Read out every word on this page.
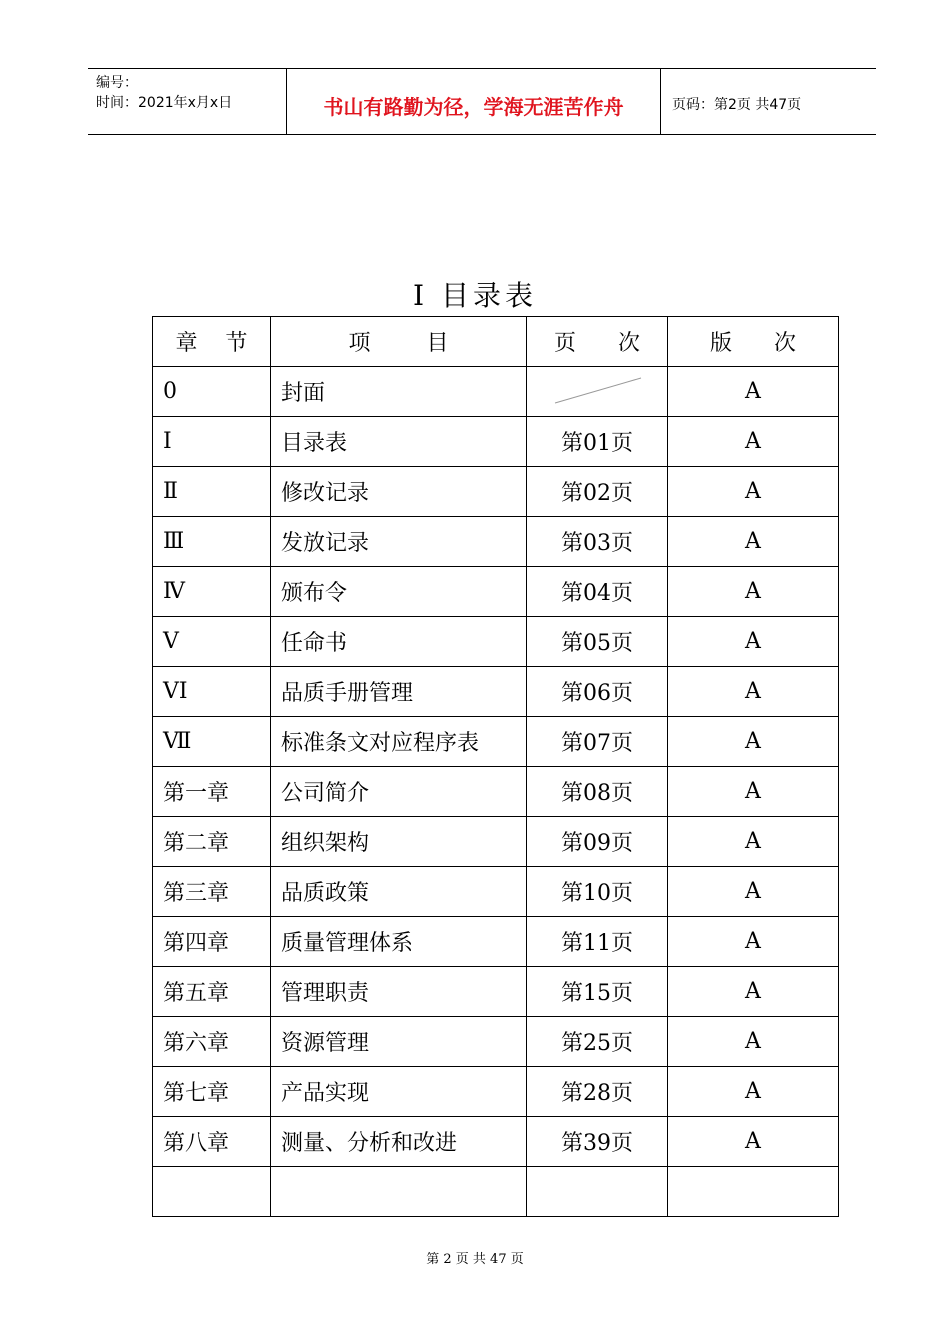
编号：
时间：2021年x月x日	书山有路勤为径，学海无涯苦作舟	页码：第2页 共47页
I 目录表
章    节	项        目	页      次	版      次
0	封面		A
Ⅰ	目录表	第01页	A
Ⅱ	修改记录	第02页	A
Ⅲ	发放记录	第03页	A
Ⅳ	颁布令	第04页	A
Ⅴ	任命书	第05页	A
VI	品质手册管理	第06页	A
Ⅶ	标准条文对应程序表	第07页	A
第一章	公司简介	第08页	A
第二章	组织架构	第09页	A
第三章	品质政策	第10页	A
第四章	质量管理体系	第11页	A
第五章	管理职责	第15页	A
第六章	资源管理	第25页	A
第七章	产品实现	第28页	A
第八章	测量、分析和改进	第39页	A

第 2 页 共 47 页
